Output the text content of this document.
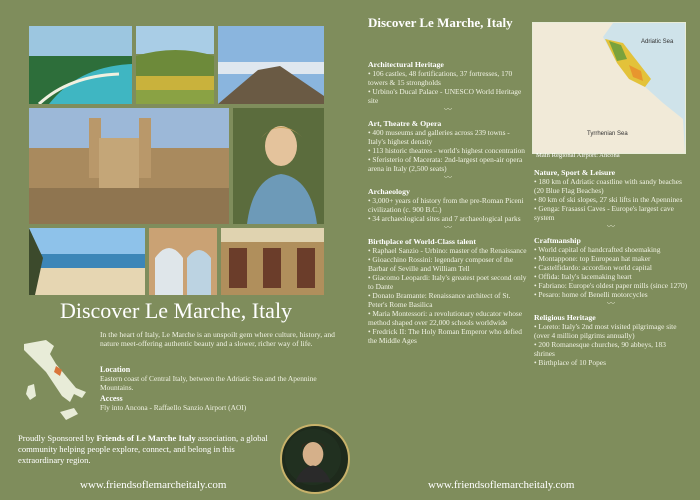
Discover Le Marche, Italy
In the heart of Italy, Le Marche is an unspoilt gem where culture, history, and nature meet-offering authentic beauty and a slower, richer way of life.
Location
Eastern coast of Central Italy, between the Adriatic Sea and the Apennine Mountains.
Access
Fly into Ancona - Raffaello Sanzio Airport (AOI)
Proudly Sponsored by Friends of Le Marche Italy association, a global community helping people explore, connect, and belong in this extraordinary region.
www.friendsoflemarcheitaly.com
Discover Le Marche, Italy
Architectural Heritage
• 106 castles, 48 fortifications, 37 fortresses, 170 towers & 15 strongholds
• Urbino's Ducal Palace - UNESCO World Heritage site
〰
Art, Theatre & Opera
• 400 museums and galleries across 239 towns - Italy's highest density
• 113 historic theatres - world's highest concentration
• Sferisterio of Macerata: 2nd-largest open-air opera arena in Italy (2,500 seats)
〰
Archaeology
• 3,000+ years of history from the pre-Roman Piceni civilization (c. 900 B.C.)
• 34 archaeological sites and 7 archaeological parks
〰
Birthplace of World-Class talent
• Raphael Sanzio - Urbino: master of the Renaissance
• Gioacchino Rossini: legendary composer of the Barbar of Seville and William Tell
• Giacomo Leopardi: Italy's greatest poet second only to Dante
• Donato Bramante: Renaissance architect of St. Peter's Rome Basilica
• Maria Montessori: a revolutionary educator whose method shaped over 22,000 schools worldwide
• Fredrick II: The Holy Roman Emperor who defied the Middle Ages
www.friendsoflemarcheitaly.com
Adriatic Sea
Tyrrhenian Sea
Main Regional Airport: Ancona
Nature, Sport & Leisure
• 180 km of Adriatic coastline with sandy beaches (20 Blue Flag Beaches)
• 80 km of ski slopes, 27 ski lifts in the Apennines
• Genga: Frasassi Caves - Europe's largest cave system
〰
Craftmanship
• World capital of handcrafted shoemaking
• Montappone: top European hat maker
• Castelfidardo: accordion world capital
• Offida: Italy's lacemaking heart
• Fabriano: Europe's oldest paper mills (since 1270)
• Pesaro: home of Benelli motorcycles
〰
Religious Heritage
• Loreto: Italy's 2nd most visited pilgrimage site (over 4 million pilgrims annually)
• 200 Romanesque churches, 90 abbeys, 183 shrines
• Birthplace of 10 Popes
